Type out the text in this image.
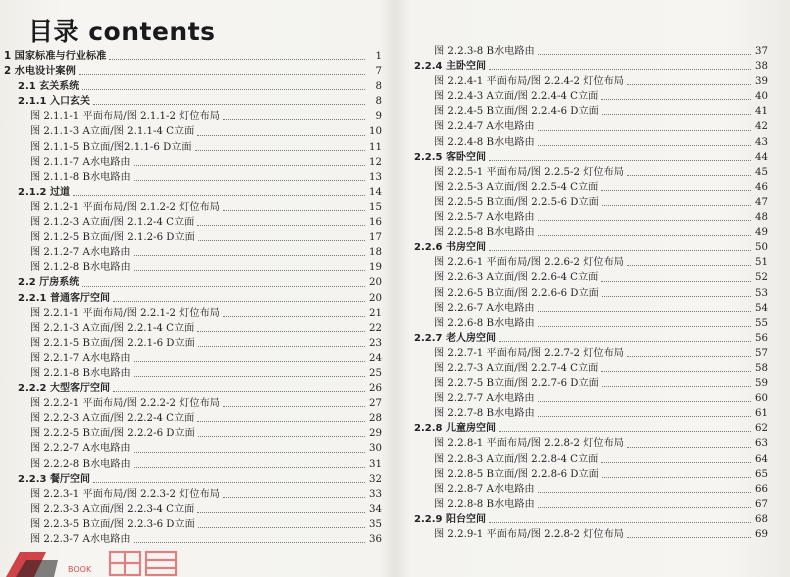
目录 contents
1 国家标准与行业标准	1
2 水电设计案例	7
2.1 玄关系统	8
2.1.1 入口玄关	8
图 2.1.1-1 平面布局/图 2.1.1-2 灯位布局	9
图 2.1.1-3 A立面/图 2.1.1-4 C立面	10
图 2.1.1-5 B立面/图2.1.1-6 D立面	11
图 2.1.1-7 A水电路由	12
图 2.1.1-8 B水电路由	13
2.1.2 过道	14
图 2.1.2-1 平面布局/图 2.1.2-2 灯位布局	15
图 2.1.2-3 A立面/图 2.1.2-4 C立面	16
图 2.1.2-5 B立面/图 2.1.2-6 D立面	17
图 2.1.2-7 A水电路由	18
图 2.1.2-8 B水电路由	19
2.2 厅房系统	20
2.2.1 普通客厅空间	20
图 2.2.1-1 平面布局/图 2.2.1-2 灯位布局	21
图 2.2.1-3 A立面/图 2.2.1-4 C立面	22
图 2.2.1-5 B立面/图 2.2.1-6 D立面	23
图 2.2.1-7 A水电路由	24
图 2.2.1-8 B水电路由	25
2.2.2 大型客厅空间	26
图 2.2.2-1 平面布局/图 2.2.2-2 灯位布局	27
图 2.2.2-3 A立面/图 2.2.2-4 C立面	28
图 2.2.2-5 B立面/图 2.2.2-6 D立面	29
图 2.2.2-7 A水电路由	30
图 2.2.2-8 B水电路由	31
2.2.3 餐厅空间	32
图 2.2.3-1 平面布局/图 2.2.3-2 灯位布局	33
图 2.2.3-3 A立面/图 2.2.3-4 C立面	34
图 2.2.3-5 B立面/图 2.2.3-6 D立面	35
图 2.2.3-7 A水电路由	36
图 2.2.3-8 B水电路由	37
2.2.4 主卧空间	38
图 2.2.4-1 平面布局/图 2.2.4-2 灯位布局	39
图 2.2.4-3 A立面/图 2.2.4-4 C立面	40
图 2.2.4-5 B立面/图 2.2.4-6 D立面	41
图 2.2.4-7 A水电路由	42
图 2.2.4-8 B水电路由	43
2.2.5 客卧空间	44
图 2.2.5-1 平面布局/图 2.2.5-2 灯位布局	45
图 2.2.5-3 A立面/图 2.2.5-4 C立面	46
图 2.2.5-5 B立面/图 2.2.5-6 D立面	47
图 2.2.5-7 A水电路由	48
图 2.2.5-8 B水电路由	49
2.2.6 书房空间	50
图 2.2.6-1 平面布局/图 2.2.6-2 灯位布局	51
图 2.2.6-3 A立面/图 2.2.6-4 C立面	52
图 2.2.6-5 B立面/图 2.2.6-6 D立面	53
图 2.2.6-7 A水电路由	54
图 2.2.6-8 B水电路由	55
2.2.7 老人房空间	56
图 2.2.7-1 平面布局/图 2.2.7-2 灯位布局	57
图 2.2.7-3 A立面/图 2.2.7-4 C立面	58
图 2.2.7-5 B立面/图 2.2.7-6 D立面	59
图 2.2.7-7 A水电路由	60
图 2.2.7-8 B水电路由	61
2.2.8 儿童房空间	62
图 2.2.8-1 平面布局/图 2.2.8-2 灯位布局	63
图 2.2.8-3 A立面/图 2.2.8-4 C立面	64
图 2.2.8-5 B立面/图 2.2.8-6 D立面	65
图 2.2.8-7 A水电路由	66
图 2.2.8-8 B水电路由	67
2.2.9 阳台空间	68
图 2.2.9-1 平面布局/图 2.2.8-2 灯位布局	69
BOOK
